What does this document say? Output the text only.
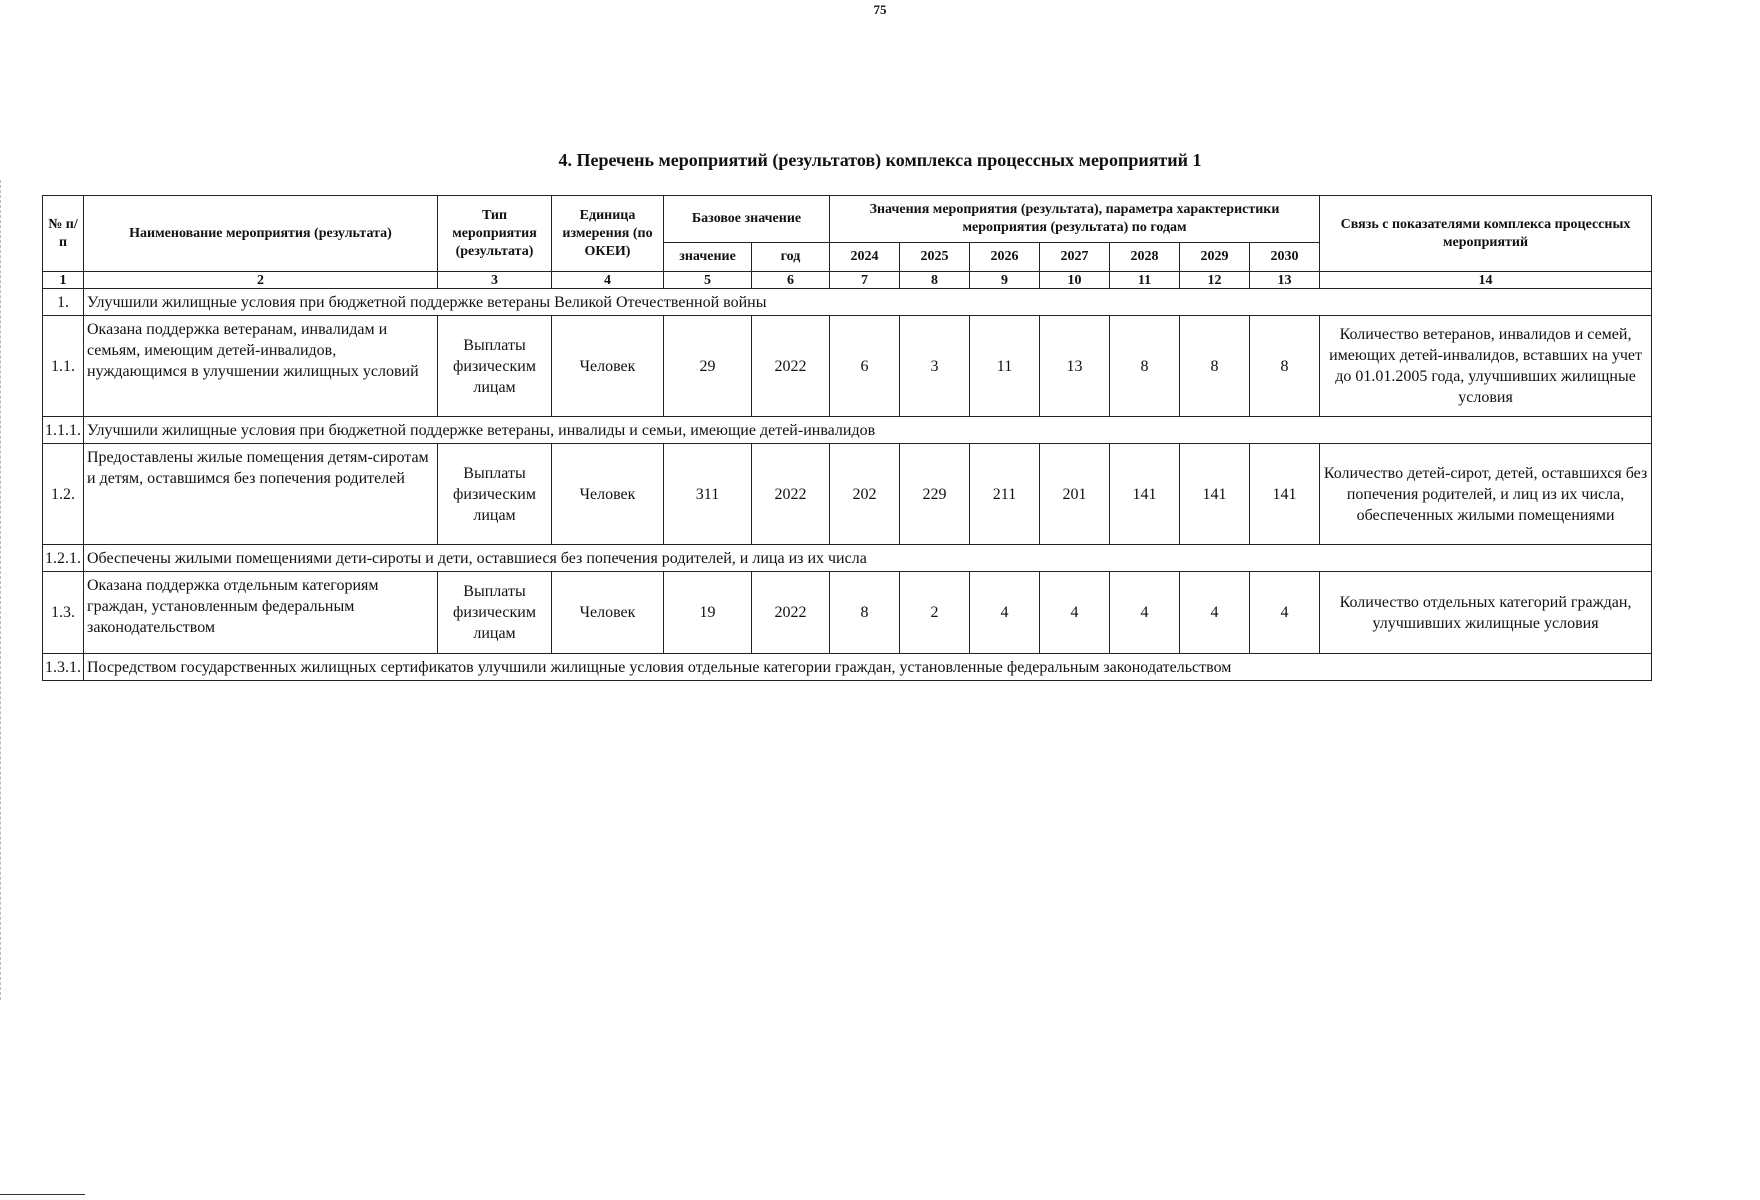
75
4. Перечень мероприятий (результатов) комплекса процессных мероприятий 1
№ п/п	Наименование мероприятия (результата)	Тип мероприятия (результата)	Единица измерения (по ОКЕИ)	Базовое значение		Значения мероприятия (результата), параметра характеристики мероприятия (результата) по годам							Связь с показателями комплекса процессных мероприятий
				значение	год	2024	2025	2026	2027	2028	2029	2030	
1	2	3	4	5	6	7	8	9	10	11	12	13	14
1.	Улучшили жилищные условия при бюджетной поддержке ветераны Великой Отечественной войны												
1.1.	Оказана поддержка ветеранам, инвалидам и семьям, имеющим детей-инвалидов, нуждающимся в улучшении жилищных условий	Выплаты физическим лицам	Человек	29	2022	6	3	11	13	8	8	8	Количество ветеранов, инвалидов и семей, имеющих детей-инвалидов, вставших на учет до 01.01.2005 года, улучшивших жилищные условия
1.1.1.	Улучшили жилищные условия при бюджетной поддержке ветераны, инвалиды и семьи, имеющие детей-инвалидов												
1.2.	Предоставлены жилые помещения детям-сиротам и детям, оставшимся без попечения родителей	Выплаты физическим лицам	Человек	311	2022	202	229	211	201	141	141	141	Количество детей-сирот, детей, оставшихся без попечения родителей, и лиц из их числа, обеспеченных жилыми помещениями
1.2.1.	Обеспечены жилыми помещениями дети-сироты и дети, оставшиеся без попечения родителей, и лица из их числа												
1.3.	Оказана поддержка отдельным категориям граждан, установленным федеральным законодательством	Выплаты физическим лицам	Человек	19	2022	8	2	4	4	4	4	4	Количество отдельных категорий граждан, улучшивших жилищные условия
1.3.1.	Посредством государственных жилищных сертификатов улучшили жилищные условия отдельные категории граждан, установленные федеральным законодательством												
